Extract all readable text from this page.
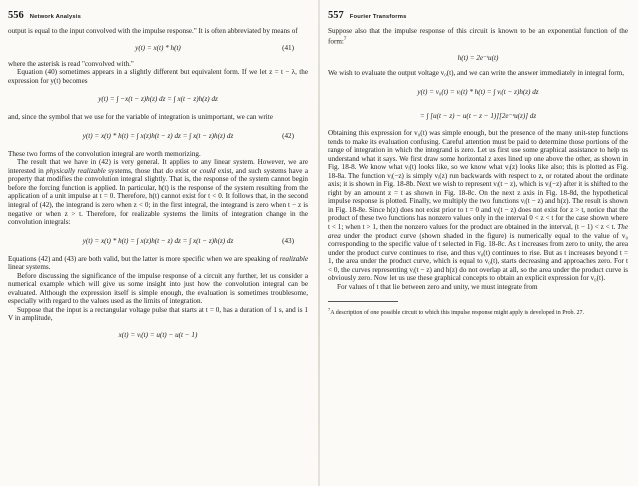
556 Network Analysis

output is equal to the input convolved with the impulse response." It is often abbreviated by means of

y(t) = x(t) * h(t)	(41)

where the asterisk is read "convolved with."

Equation (40) sometimes appears in a slightly different but equivalent form. If we let z = t − λ, the expression for y(t) becomes

y(t) = ∫ −x(t − z)h(z) dz = ∫ x(t − z)h(z) dz

and, since the symbol that we use for the variable of integration is unimportant, we can write

y(t) = x(t) * h(t) = ∫ x(z)h(t − z) dz = ∫ x(t − z)h(z) dz	(42)

These two forms of the convolution integral are worth memorizing.

The result that we have in (42) is very general. It applies to any linear system. However, we are interested in physically realizable systems, those that do exist or could exist, and such systems have a property that modifies the convolution integral slightly. That is, the response of the system cannot begin before the forcing function is applied. In particular, h(t) is the response of the system resulting from the application of a unit impulse at t = 0. Therefore, h(t) cannot exist for t < 0. It follows that, in the second integral of (42), the integrand is zero when z < 0; in the first integral, the integrand is zero when t − z is negative or when z > t. Therefore, for realizable systems the limits of integration change in the convolution integrals:

y(t) = x(t) * h(t) = ∫ x(z)h(t − z) dz = ∫ x(t − z)h(z) dz	(43)

Equations (42) and (43) are both valid, but the latter is more specific when we are speaking of realizable linear systems.

Before discussing the significance of the impulse response of a circuit any further, let us consider a numerical example which will give us some insight into just how the convolution integral can be evaluated. Although the expression itself is simple enough, the evaluation is sometimes troublesome, especially with regard to the values used as the limits of integration.

Suppose that the input is a rectangular voltage pulse that starts at t = 0, has a duration of 1 s, and is 1 V in amplitude,

x(t) = vᵢ(t) = u(t) − u(t − 1)
557 Fourier Transforms

Suppose also that the impulse response of this circuit is known to be an exponential function of the form:$^7$

h(t) = 2e⁻ᵗu(t)

We wish to evaluate the output voltage v₀(t), and we can write the answer immediately in integral form,

y(t) = v₀(t) = vᵢ(t) * h(t) = ∫ vᵢ(t − z)h(z) dz
= ∫ [u(t − z) − u(t − z − 1)][2e⁻ᶻu(z)] dz

Obtaining this expression for v₀(t) was simple enough, but the presence of the many unit-step functions tends to make its evaluation confusing. Careful attention must be paid to determine those portions of the range of integration in which the integrand is zero. Let us first use some graphical assistance to help us understand what it says. We first draw some horizontal z axes lined up one above the other, as shown in Fig. 18-8. We know what vᵢ(t) looks like, so we know what vᵢ(z) looks like also; this is plotted as Fig. 18-8a. The function vᵢ(−z) is simply vᵢ(z) run backwards with respect to z, or rotated about the ordinate axis; it is shown in Fig. 18-8b. Next we wish to represent vᵢ(t − z), which is vᵢ(−z) after it is shifted to the right by an amount z = t as shown in Fig. 18-8c. On the next z axis in Fig. 18-8d, the hypothetical impulse response is plotted. Finally, we multiply the two functions vᵢ(t − z) and h(z). The result is shown in Fig. 18-8e. Since h(z) does not exist prior to t = 0 and vᵢ(t − z) does not exist for z > t, notice that the product of these two functions has nonzero values only in the interval 0 < z < t for the case shown where t < 1; when t > 1, then the nonzero values for the product are obtained in the interval, (t − 1) < z < t. The area under the product curve (shown shaded in the figure) is numerically equal to the value of v₀ corresponding to the specific value of t selected in Fig. 18-8c. As t increases from zero to unity, the area under the product curve continues to rise, and thus v₀(t) continues to rise. But as t increases beyond t = 1, the area under the product curve, which is equal to v₀(t), starts decreasing and approaches zero. For t < 0, the curves representing vᵢ(t − z) and h(z) do not overlap at all, so the area under the product curve is obviously zero. Now let us use these graphical concepts to obtain an explicit expression for v₀(t).

For values of t that lie between zero and unity, we must integrate from

$^7$A description of one possible circuit to which this impulse response might apply is developed in Prob. 27.
